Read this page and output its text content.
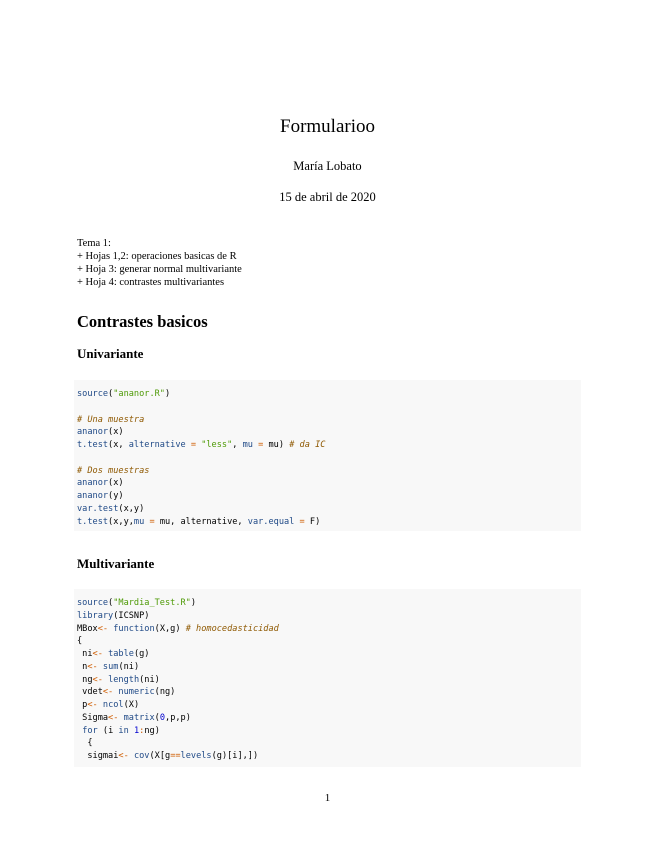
Formularioo
María Lobato
15 de abril de 2020
Tema 1:
+ Hojas 1,2: operaciones basicas de R
+ Hoja 3: generar normal multivariante
+ Hoja 4: contrastes multivariantes
Contrastes basicos
Univariante
source("ananor.R")

# Una muestra
ananor(x)
t.test(x, alternative = "less", mu = mu) # da IC

# Dos muestras
ananor(x)
ananor(y)
var.test(x,y)
t.test(x,y,mu = mu, alternative, var.equal = F)
Multivariante
source("Mardia_Test.R")
library(ICSNP)
MBox<- function(X,g) # homocedasticidad
{
ni<- table(g)
n<- sum(ni)
ng<- length(ni)
vdet<- numeric(ng)
p<- ncol(X)
Sigma<- matrix(0,p,p)
for (i in 1:ng)
{
sigmai<- cov(X[g==levels(g)[i],])
1
